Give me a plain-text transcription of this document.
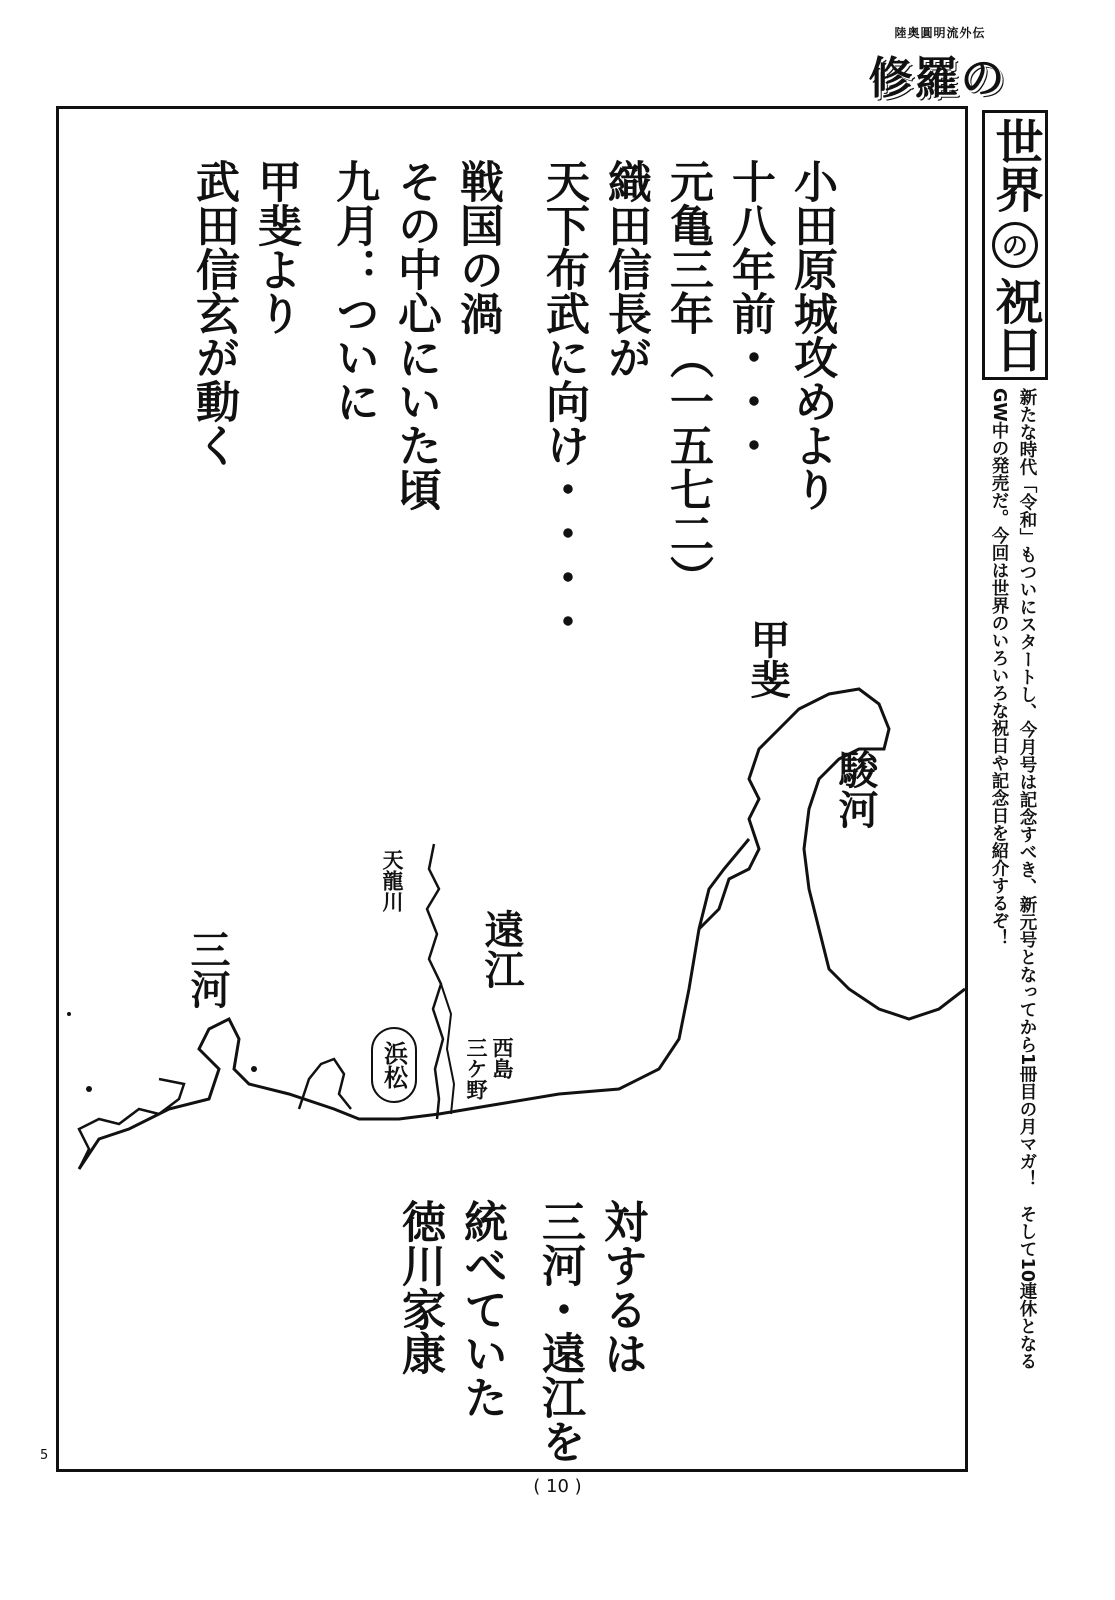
陸奥圓明流外伝
修羅の
小田原城攻めより
十八年前・・・
元亀三年（一五七二）
織田信長が
天下布武に向け・・・・
戦国の渦
その中心にいた頃
九月：ついに
甲斐より
武田信玄が動く
甲斐
駿河
天龍川
遠江
三河
浜松	西島
三ケ野
対するは
三河・遠江を
統べていた
徳川家康
世界
の
祝日
新たな時代「令和」もついにスタートし、今月号は記念すべき、新元号となってから1冊目の月マガ！　そして10連休となる
GW中の発売だ。今回は世界のいろいろな祝日や記念日を紹介するぞ！
5
( 10 )
